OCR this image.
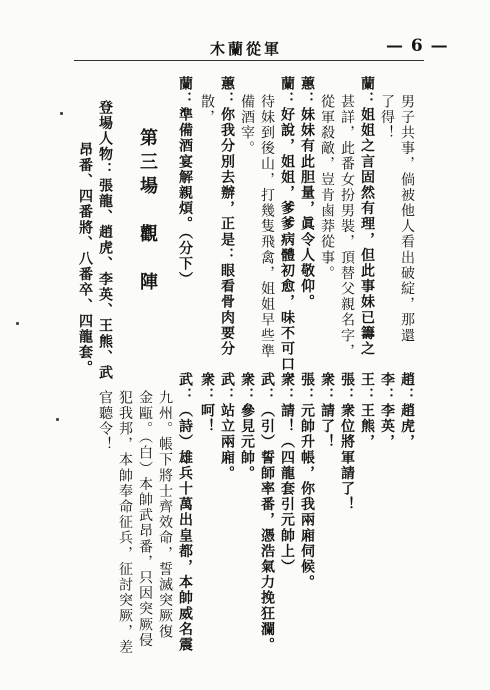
木蘭從軍	— 6 —
男子共事，倘被他人看出破綻，那還
了得！
蘭：姐姐之言固然有理，但此事妹已籌之
甚詳，此番女扮男裝，頂替父親名字，
從軍殺敵，豈肯鹵莽從事。
蕙：妹妹有此胆量，眞令人敬仰。
蘭：好說，姐姐，爹爹病體初愈，味不可口，
待妹到後山，打幾隻飛禽，姐姐早些準
備酒宰。
蕙：你我分別去辦，正是：眼看骨肉要分
散，
蘭：準備酒宴解親煩。（分下）
第三場　觀　陣
登場人物：張龍、趙虎、李英、王熊、武
昂番、四番將、八番卒、四龍套。
趙：趙虎，
李：李英，
王：王熊，
張：衆位將軍請了！
衆：請了！
張：元帥升帳，你我兩廂伺候。
衆：請！（四龍套引元帥上）
武：（引）誓師率番，憑浩氣力挽狂瀾。
衆：參見元帥。
武：站立兩廂。
衆：呵！
武：（詩）雄兵十萬出皇都，本帥威名震
九州。帳下將士齊效命，誓滅突厥復
金甌。（白）本帥武昂番，只因突厥侵
犯我邦，本帥奉命征兵，征討突厥，差
官聽令！
